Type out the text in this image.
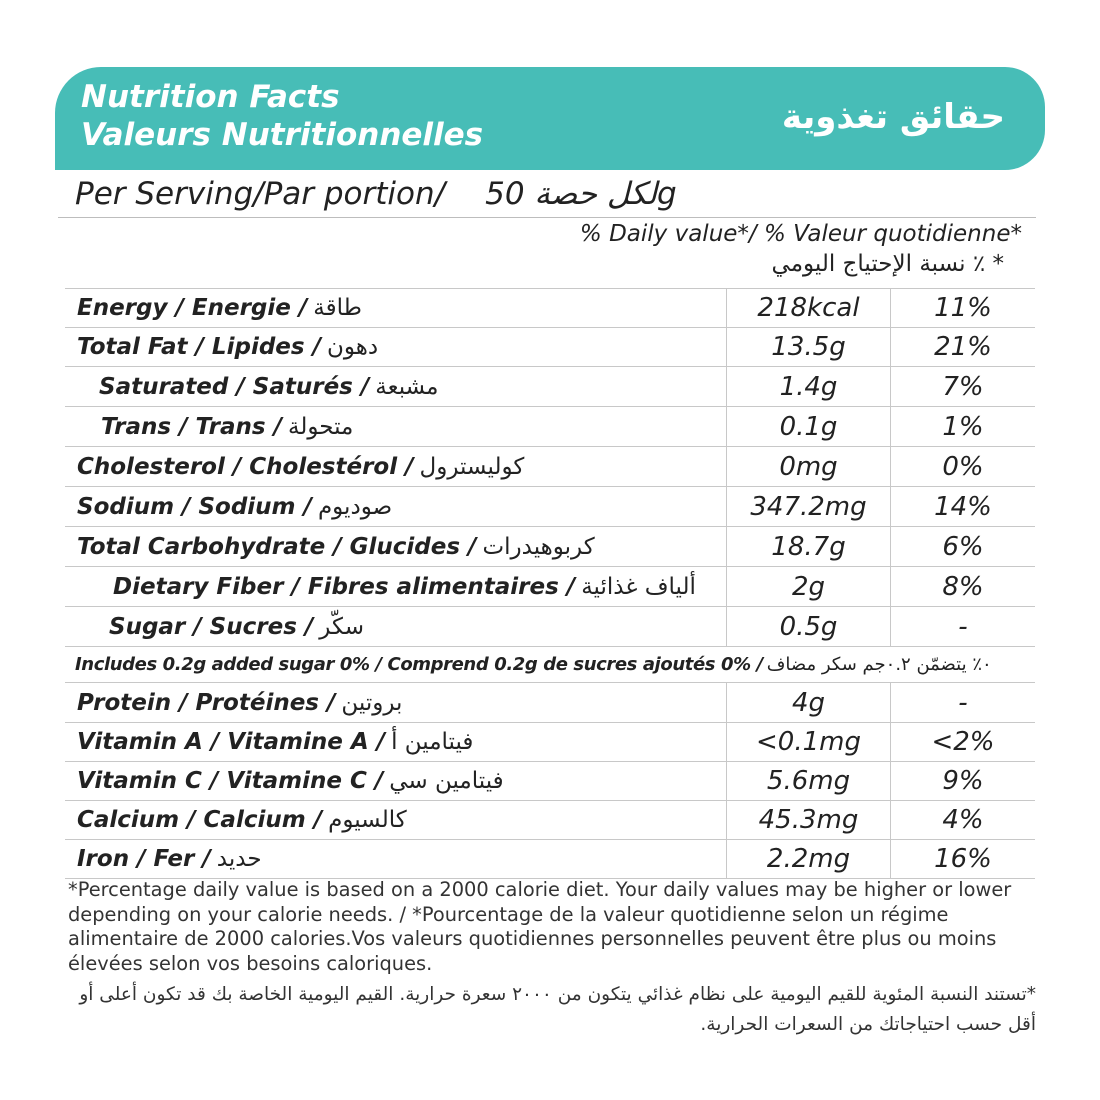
Nutrition Facts
Valeurs Nutritionnelles	حقائق تغذوية
Per Serving/Par portion/لكل حصة 50g
% Daily value*/ % Valeur quotidienne*
نسبة الإحتياج اليومي ٪ *
Energy / Energie / طاقة	218kcal	11%
Total Fat / Lipides / دهون	13.5g	21%
Saturated / Saturés / مشبعة	1.4g	7%
Trans / Trans / متحولة	0.1g	1%
Cholesterol / Cholestérol / كوليسترول	0mg	0%
Sodium / Sodium / صوديوم	347.2mg	14%
Total Carbohydrate / Glucides / كربوهيدرات	18.7g	6%
Dietary Fiber / Fibres alimentaires / ألياف غذائية	2g	8%
Sugar / Sucres / سكّر	0.5g	-
Includes 0.2g added sugar 0% / Comprend 0.2g de sucres ajoutés 0% / ٠٪ يتضمّن ٠.٢جم سكر مضاف
Protein / Protéines / بروتين	4g	-
Vitamin A / Vitamine A / فيتامين أ	<0.1mg	<2%
Vitamin C / Vitamine C / فيتامين سي	5.6mg	9%
Calcium / Calcium / كالسيوم	45.3mg	4%
Iron / Fer / حديد	2.2mg	16%
*Percentage daily value is based on a 2000 calorie diet. Your daily values may be higher or lower depending on your calorie needs. / *Pourcentage de la valeur quotidienne selon un régime alimentaire de 2000 calories.Vos valeurs quotidiennes personnelles peuvent être plus ou moins élevées selon vos besoins caloriques.
*تستند النسبة المئوية للقيم اليومية على نظام غذائي يتكون من ٢٠٠٠ سعرة حرارية. القيم اليومية الخاصة بك قد تكون أعلى أو أقل حسب احتياجاتك من السعرات الحرارية.
